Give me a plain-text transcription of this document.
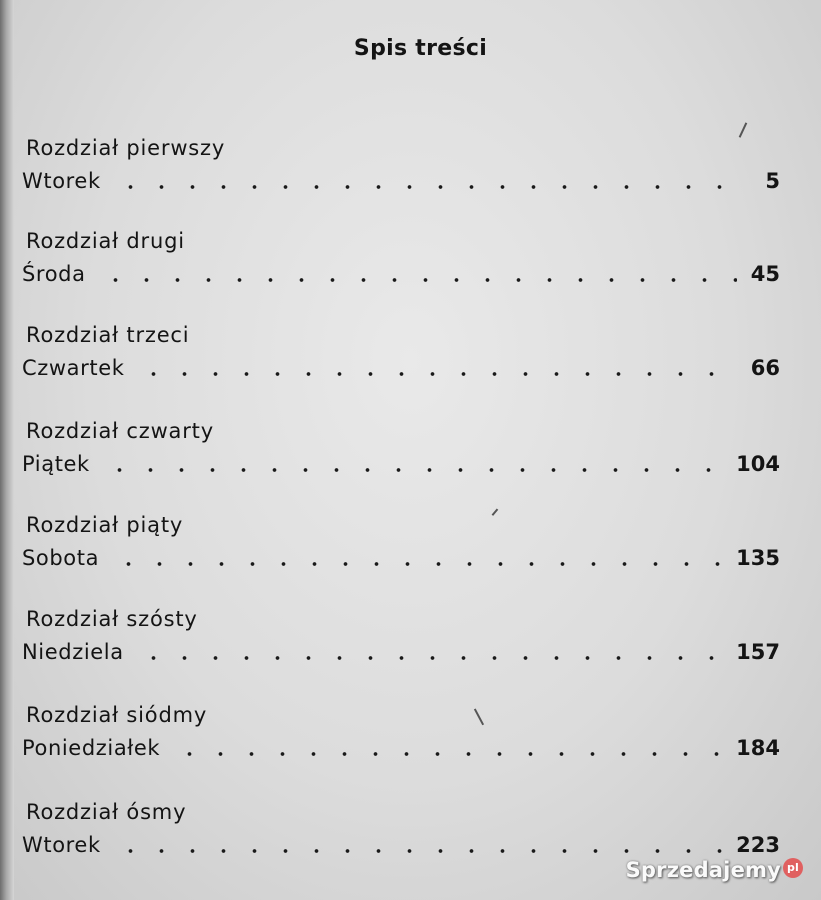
Spis treści
Rozdział pierwszy
Wtorek	5
Rozdział drugi
Środa	45
Rozdział trzeci
Czwartek	66
Rozdział czwarty
Piątek	104
Rozdział piąty
Sobota	135
Rozdział szósty
Niedziela	157
Rozdział siódmy
Poniedziałek	184
Rozdział ósmy
Wtorek	223
Sprzedajemy pl
